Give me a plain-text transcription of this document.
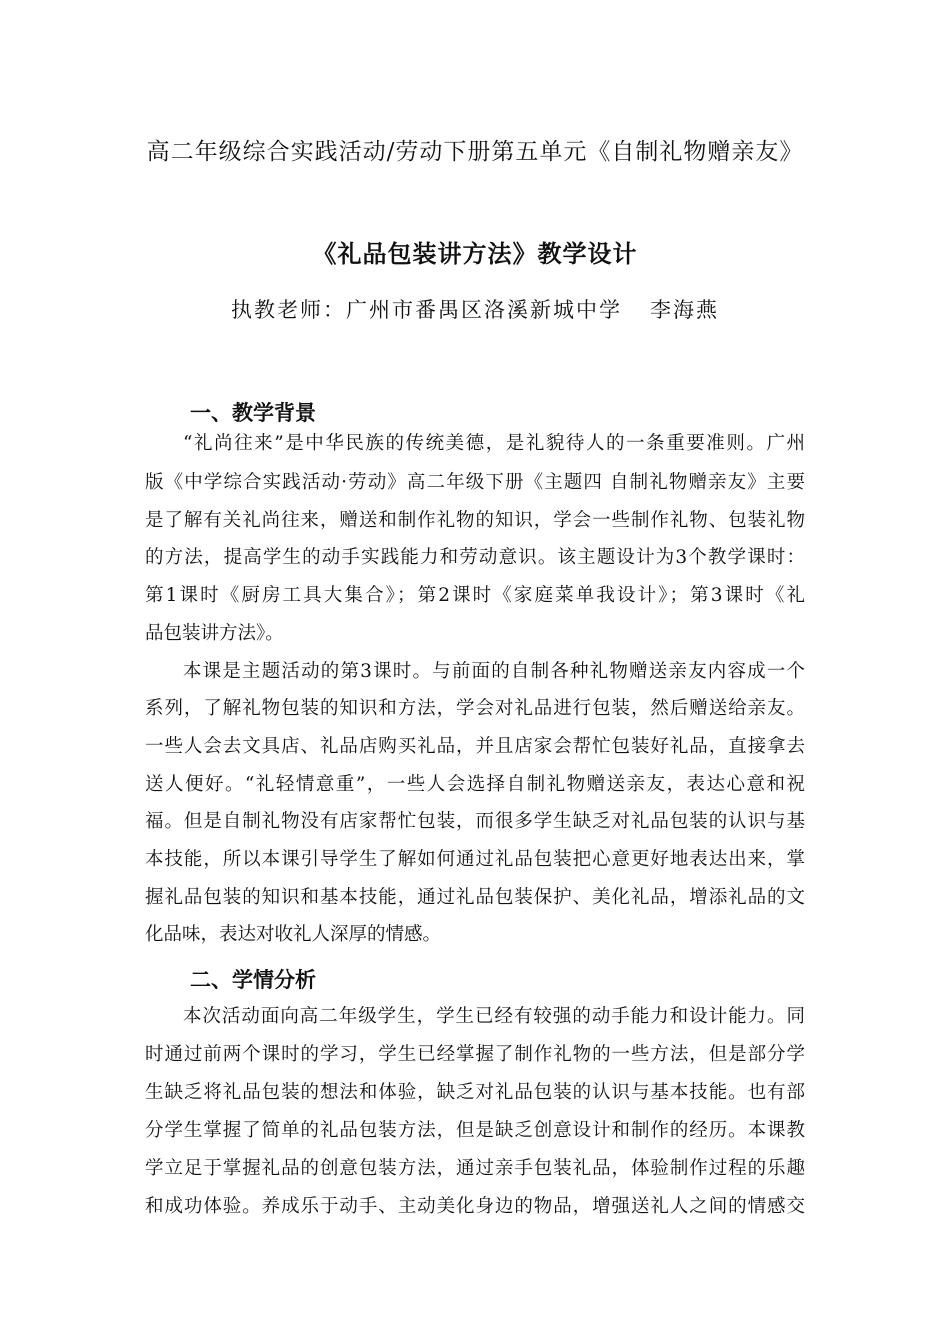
高二年级综合实践活动/劳动下册第五单元《自制礼物赠亲友》
《礼品包装讲方法》教学设计
执教老师：广州市番禺区洛溪新城中学 李海燕
一、教学背景
“礼尚往来”是中华民族的传统美德，是礼貌待人的一条重要准则。广州
版《中学综合实践活动·劳动》高二年级下册《主题四 自制礼物赠亲友》主要
是了解有关礼尚往来，赠送和制作礼物的知识，学会一些制作礼物、包装礼物
的方法，提高学生的动手实践能力和劳动意识。该主题设计为3个教学课时：
第1课时《厨房工具大集合》；第2课时《家庭菜单我设计》；第3课时《礼
品包装讲方法》。
本课是主题活动的第3课时。与前面的自制各种礼物赠送亲友内容成一个
系列，了解礼物包装的知识和方法，学会对礼品进行包装，然后赠送给亲友。
一些人会去文具店、礼品店购买礼品，并且店家会帮忙包装好礼品，直接拿去
送人便好。“礼轻情意重”，一些人会选择自制礼物赠送亲友，表达心意和祝
福。但是自制礼物没有店家帮忙包装，而很多学生缺乏对礼品包装的认识与基
本技能，所以本课引导学生了解如何通过礼品包装把心意更好地表达出来，掌
握礼品包装的知识和基本技能，通过礼品包装保护、美化礼品，增添礼品的文
化品味，表达对收礼人深厚的情感。
二、学情分析
本次活动面向高二年级学生，学生已经有较强的动手能力和设计能力。同
时通过前两个课时的学习，学生已经掌握了制作礼物的一些方法，但是部分学
生缺乏将礼品包装的想法和体验，缺乏对礼品包装的认识与基本技能。也有部
分学生掌握了简单的礼品包装方法，但是缺乏创意设计和制作的经历。本课教
学立足于掌握礼品的创意包装方法，通过亲手包装礼品，体验制作过程的乐趣
和成功体验。养成乐于动手、主动美化身边的物品，增强送礼人之间的情感交
